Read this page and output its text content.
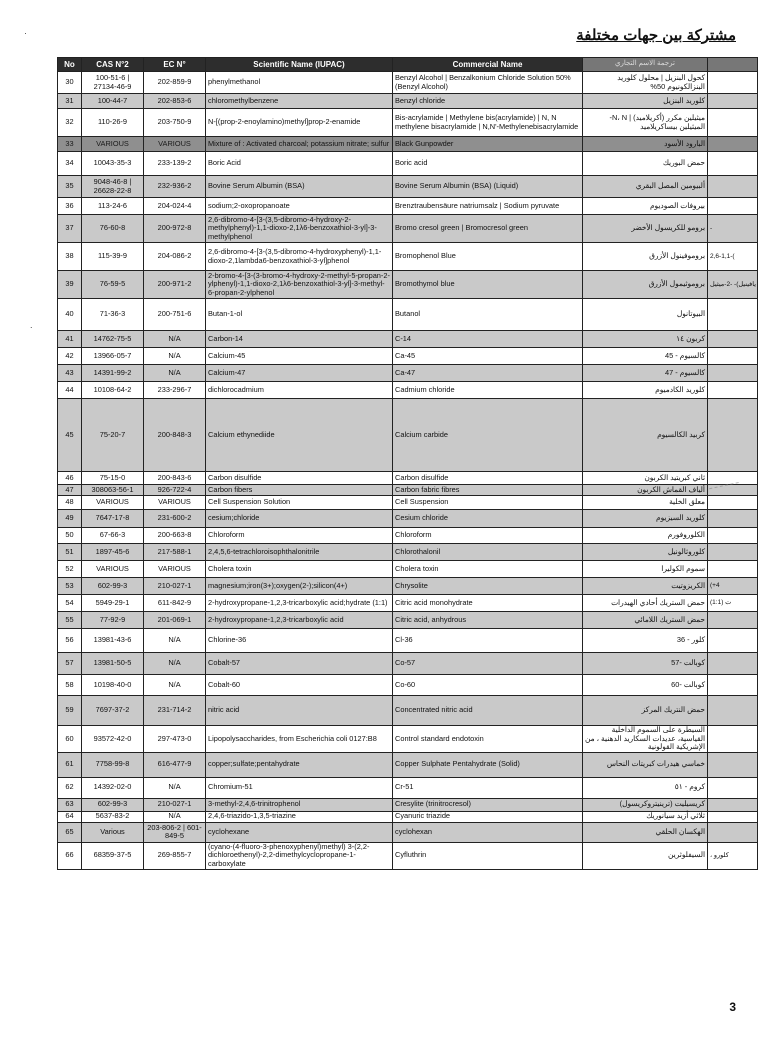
مشتركة بين جهات مختلفة
·
.
No	CAS N°2	EC N°	Scientific Name (IUPAC)	Commercial Name	ترجمة الاسم التجاري	
30	100-51-6 | 27134-46-9	202-859-9	phenylmethanol	Benzyl Alcohol | Benzalkonium Chloride Solution 50% (Benzyl Alcohol)	كحول البنزيل | محلول كلوريد البنزالكونيوم 50%	
31	100-44-7	202-853-6	chloromethylbenzene	Benzyl chloride	كلوريد البنزيل	
32	110-26-9	203-750-9	N-[(prop-2-enoylamino)methyl]prop-2-enamide	Bis-acrylamide | Methylene bis(acrylamide) | N, N methylene bisacrylamide | N,N'-Methylenebisacrylamide	ميثيلين مكرر (أكريلاميد) | N، N- الميثيلين بيساكريلاميد	
33	VARIOUS	VARIOUS	Mixture of : Activated charcoal; potassium nitrate; sulfur	Black Gunpowder	البارود الأسود	
34	10043-35-3	233-139-2	Boric Acid	Boric acid	حمض البوريك	
35	9048-46-8 | 26628-22-8	232-936-2	Bovine Serum Albumin (BSA)	Bovine Serum Albumin (BSA) (Liquid)	ألبيومين المصل البقري	
36	113-24-6	204-024-4	sodium;2-oxopropanoate	Brenztraubensäure natriumsalz | Sodium pyruvate	بيروفات الصوديوم	
37	76-60-8	200-972-8	2,6-dibromo-4-[3-(3,5-dibromo-4-hydroxy-2-methylphenyl)-1,1-dioxo-2,1λ6-benzoxathiol-3-yl]-3-methylphenol	Bromo cresol green | Bromocresol green	برومو للكريسول الأخضر	-
38	115-39-9	204-086-2	2,6-dibromo-4-[3-(3,5-dibromo-4-hydroxyphenyl)-1,1-dioxo-2,1lambda6-benzoxathiol-3-yl]phenol	Bromophenol Blue	بروموفينول الأزرق	2,6-1,1-(
39	76-59-5	200-971-2	2-bromo-4-[3-(3-bromo-4-hydroxy-2-methyl-5-propan-2-ylphenyl)-1,1-dioxo-2,1λ6-benzoxathiol-3-yl]-3-methyl-6-propan-2-ylphenol	Bromothymol blue	بروموثيمول الأزرق	يافينيل)- -2-ميثيل
40	71-36-3	200-751-6	Butan-1-ol	Butanol	البيوتانول	
41	14762-75-5	N/A	Carbon-14	C-14	كربون ١٤	
42	13966-05-7	N/A	Calcium-45	Ca-45	كالسيوم - 45	
43	14391-99-2	N/A	Calcium-47	Ca-47	كالسيوم - 47	
44	10108-64-2	233-296-7	dichlorocadmium	Cadmium chloride	كلوريد الكادميوم	
45	75-20-7	200-848-3	Calcium ethynediide	Calcium carbide	كربيد الكالسيوم	
46	75-15-0	200-843-6	Carbon disulfide	Carbon disulfide	ثاني كبريتيد الكربون	
47	308063-56-1	926-722-4	Carbon fibers	Carbon fabric fibres	ألياف القماش الكربون	
48	VARIOUS	VARIOUS	Cell Suspension Solution	Cell Suspension	معلق الخلية	
49	7647-17-8	231-600-2	cesium;chloride	Cesium chloride	كلوريد السيزيوم	
50	67-66-3	200-663-8	Chloroform	Chloroform	الكلوروفورم	
51	1897-45-6	217-588-1	2,4,5,6-tetrachloroisophthalonitrile	Chlorothalonil	كلوروثالونيل	
52	VARIOUS	VARIOUS	Cholera toxin	Cholera toxin	سموم الكوليرا	
53	602-99-3	210-027-1	magnesium;iron(3+);oxygen(2-);silicon(4+)	Chrysolite	الكريزوتيت	(+4
54	5949-29-1	611-842-9	2-hydroxypropane-1,2,3-tricarboxylic acid;hydrate (1:1)	Citric acid monohydrate	حمض الستريك أحادي الهيدرات	(1:1) ت
55	77-92-9	201-069-1	2-hydroxypropane-1,2,3-tricarboxylic acid	Citric acid, anhydrous	حمض الستريك اللامائي	
56	13981-43-6	N/A	Chlorine-36	Cl-36	كلور - 36	
57	13981-50-5	N/A	Cobalt-57	Co-57	كوبالت -57	
58	10198-40-0	N/A	Cobalt-60	Co-60	كوبالت -60	
59	7697-37-2	231-714-2	nitric acid	Concentrated nitric acid	حمض النتريك المركز	
60	93572-42-0	297-473-0	Lipopolysaccharides, from Escherichia coli 0127:B8	Control standard endotoxin	السيطرة على السموم الداخلية القياسية، عديدات السكاريد الدهنية ، من الإشريكية القولونية	
61	7758-99-8	616-477-9	copper;sulfate;pentahydrate	Copper Sulphate Pentahydrate (Solid)	خماسي هيدرات كبريتات النحاس	
62	14392-02-0	N/A	Chromium-51	Cr-51	كروم - ٥١	
63	602-99-3	210-027-1	3-methyl-2,4,6-trinitrophenol	Cresylite (trinitrocresol)	كريسيليت (ترينيتروكريسول)	
64	5637-83-2	N/A	2,4,6-triazido-1,3,5-triazine	Cyanuric triazide	ثلاثي أزيد سيانوريك	
65	Various	203-806-2 | 601-849-5	cyclohexane	cyclohexan	الهكسان الحلقي	
66	68359-37-5	269-855-7	(cyano-(4-fluoro-3-phenoxyphenyl)methyl) 3-(2,2-dichloroethenyl)-2,2-dimethylcyclopropane-1-carboxylate	Cyfluthrin	السيفلوثرين	، كلورو
3
